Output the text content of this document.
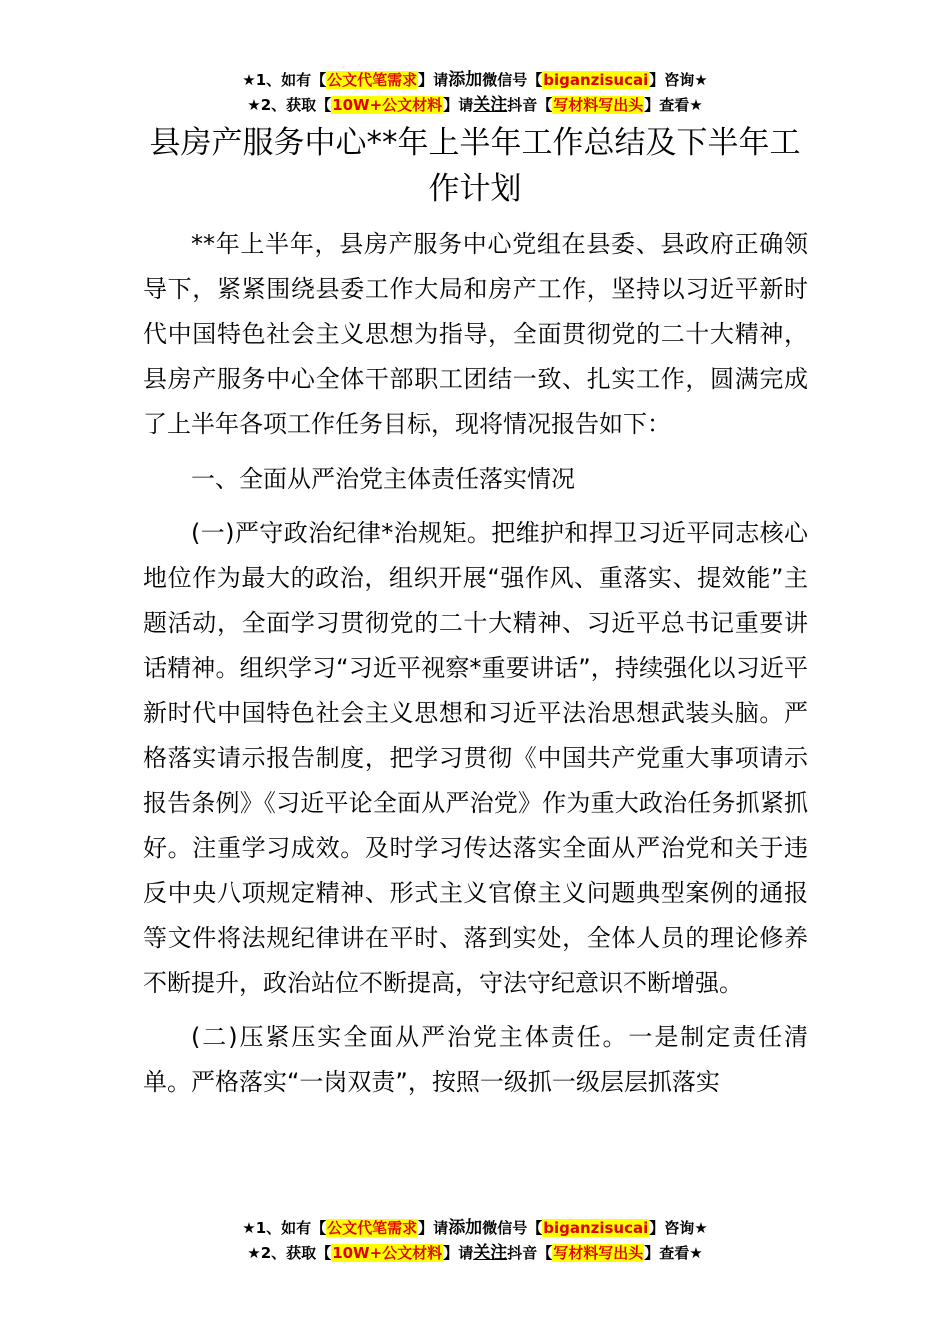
★1、如有【公文代笔需求】请添加微信号【biganzisucai】咨询★
★2、获取【10W+公文材料】请关注抖音【写材料写出头】查看★
县房产服务中心**年上半年工作总结及下半年工作计划

**年上半年，县房产服务中心党组在县委、县政府正确领导下，紧紧围绕县委工作大局和房产工作，坚持以习近平新时代中国特色社会主义思想为指导，全面贯彻党的二十大精神，县房产服务中心全体干部职工团结一致、扎实工作，圆满完成了上半年各项工作任务目标，现将情况报告如下：

一、全面从严治党主体责任落实情况

(一)严守政治纪律*治规矩。把维护和捍卫习近平同志核心地位作为最大的政治，组织开展“强作风、重落实、提效能”主题活动，全面学习贯彻党的二十大精神、习近平总书记重要讲话精神。组织学习“习近平视察*重要讲话”，持续强化以习近平新时代中国特色社会主义思想和习近平法治思想武装头脑。严格落实请示报告制度，把学习贯彻《中国共产党重大事项请示报告条例》《习近平论全面从严治党》作为重大政治任务抓紧抓好。注重学习成效。及时学习传达落实全面从严治党和关于违反中央八项规定精神、形式主义官僚主义问题典型案例的通报等文件将法规纪律讲在平时、落到实处，全体人员的理论修养不断提升，政治站位不断提高，守法守纪意识不断增强。

(二)压紧压实全面从严治党主体责任。一是制定责任清单。严格落实“一岗双责”，按照一级抓一级层层抓落实

★1、如有【公文代笔需求】请添加微信号【biganzisucai】咨询★
★2、获取【10W+公文材料】请关注抖音【写材料写出头】查看★
